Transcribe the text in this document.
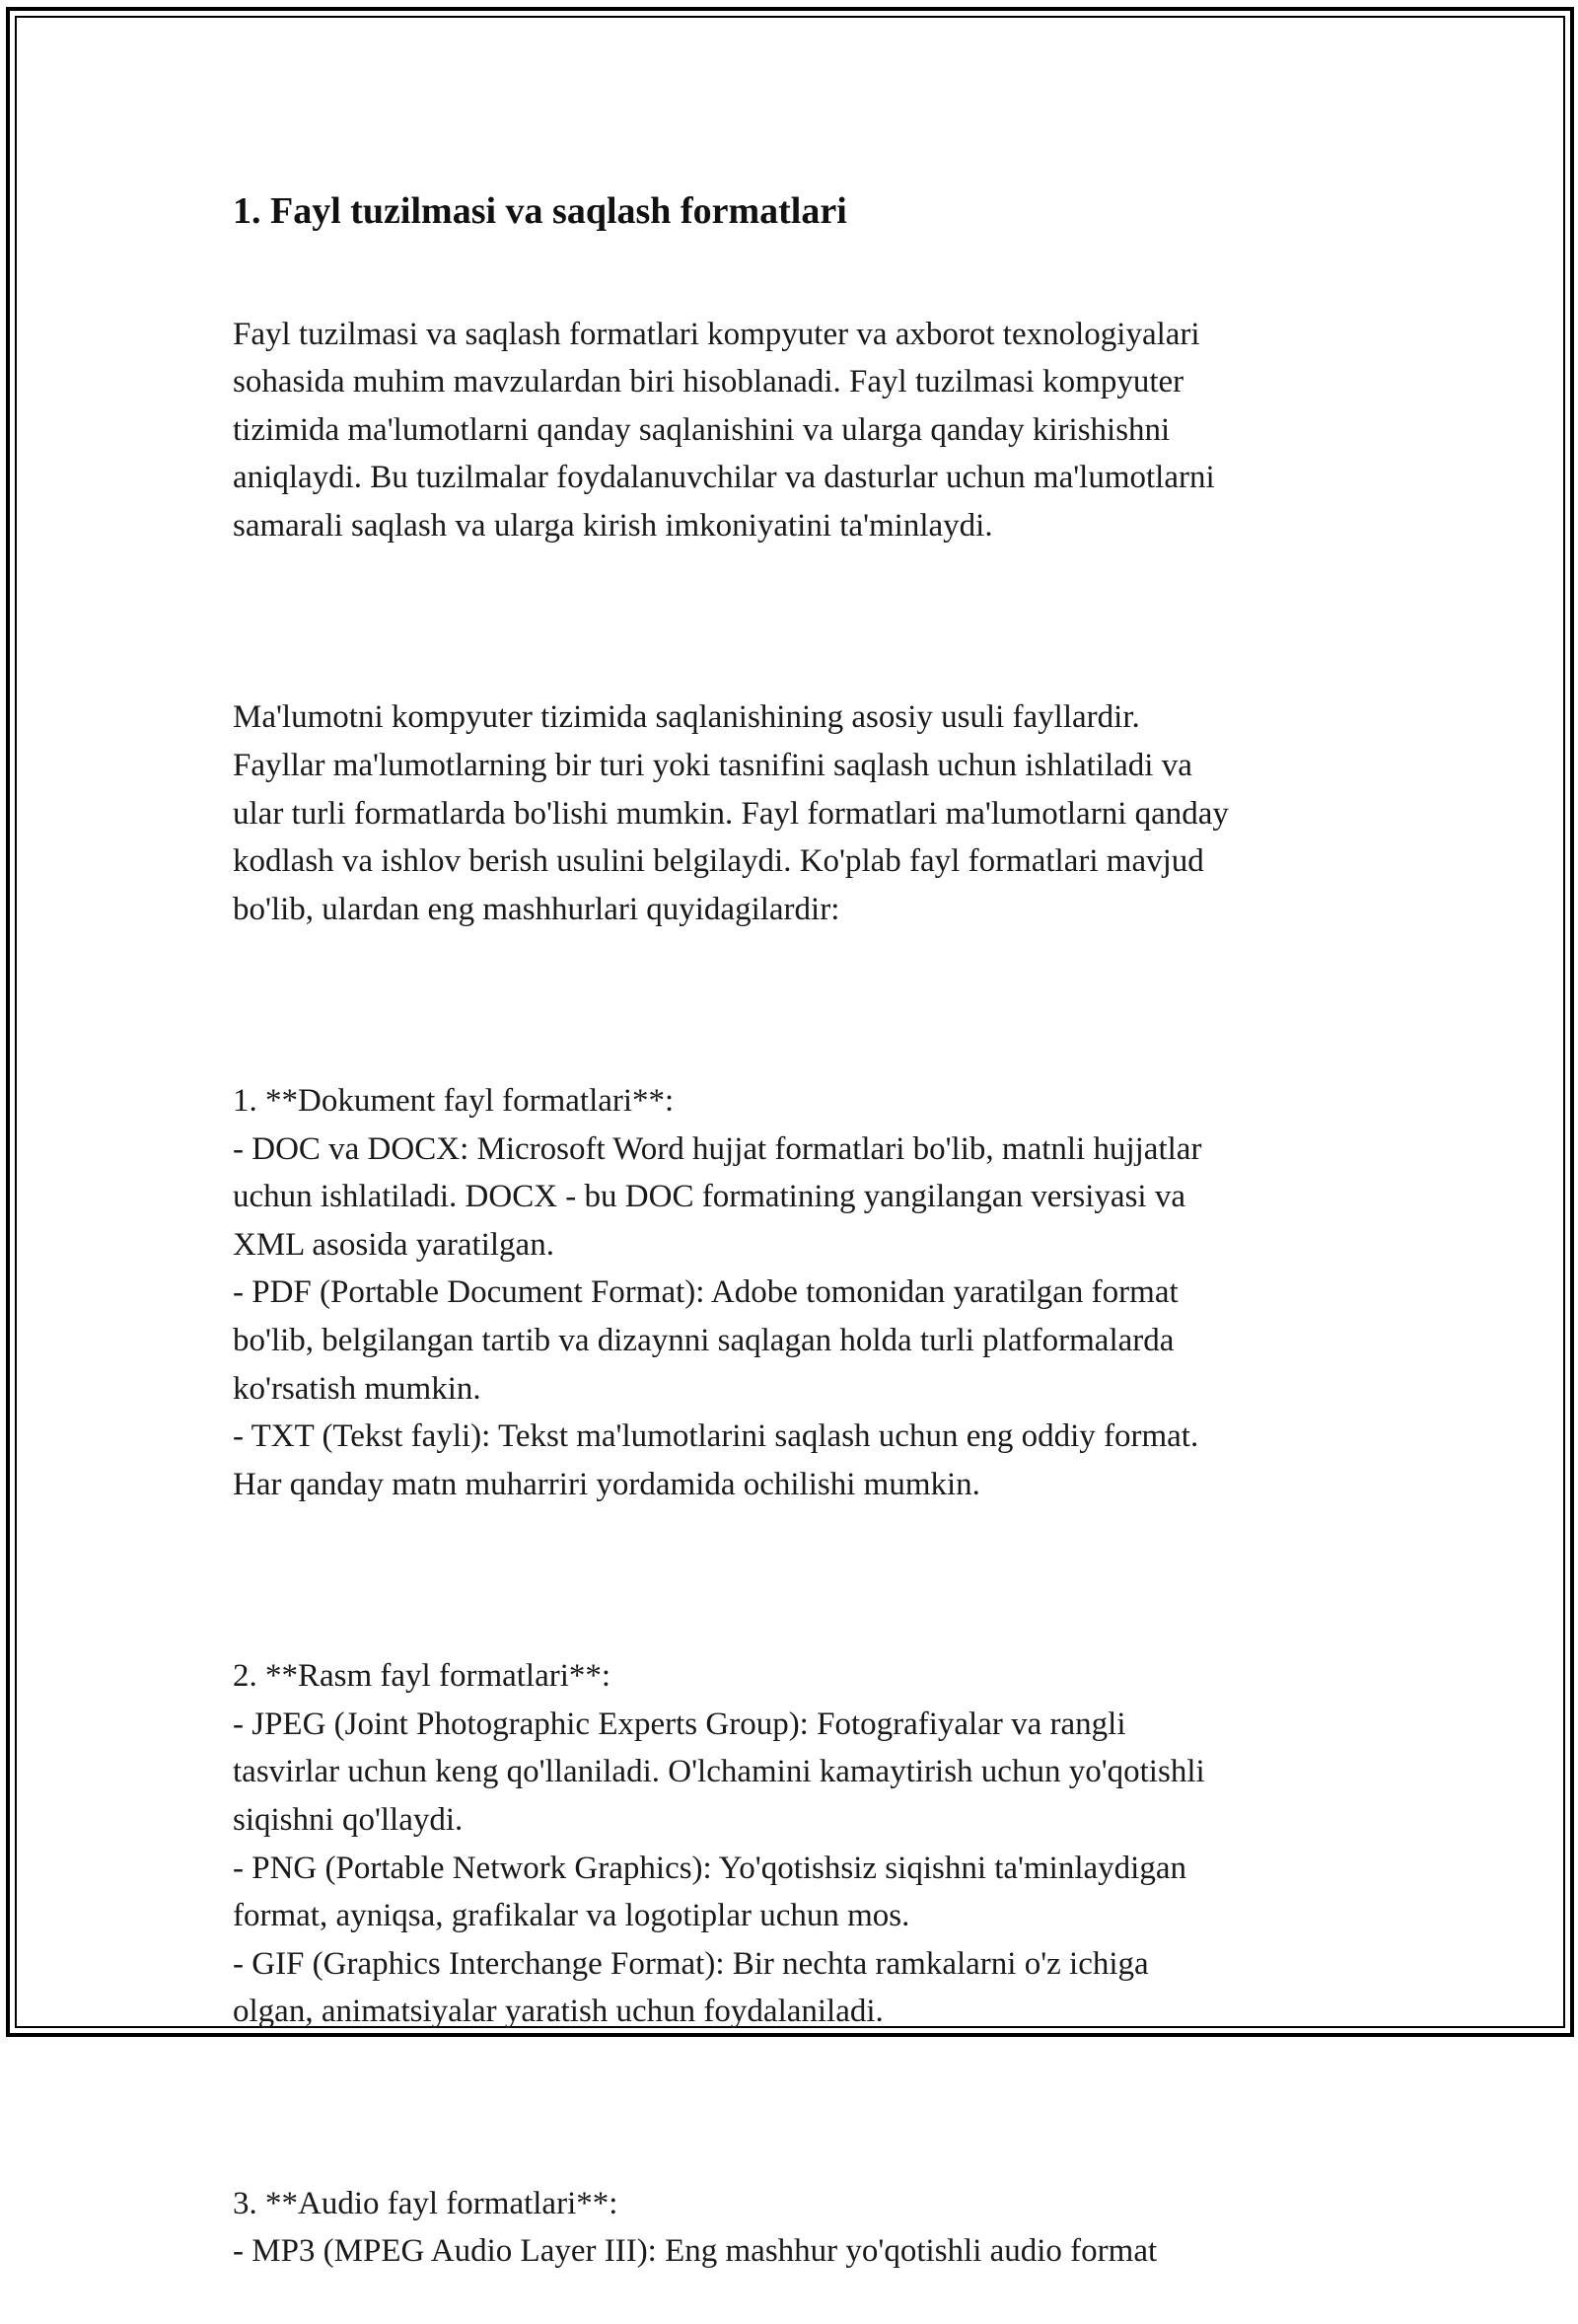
1. Fayl tuzilmasi va saqlash formatlari

Fayl tuzilmasi va saqlash formatlari kompyuter va axborot texnologiyalari
sohasida muhim mavzulardan biri hisoblanadi. Fayl tuzilmasi kompyuter
tizimida ma'lumotlarni qanday saqlanishini va ularga qanday kirishishni
aniqlaydi. Bu tuzilmalar foydalanuvchilar va dasturlar uchun ma'lumotlarni
samarali saqlash va ularga kirish imkoniyatini ta'minlaydi.

Ma'lumotni kompyuter tizimida saqlanishining asosiy usuli fayllardir.
Fayllar ma'lumotlarning bir turi yoki tasnifini saqlash uchun ishlatiladi va
ular turli formatlarda bo'lishi mumkin. Fayl formatlari ma'lumotlarni qanday
kodlash va ishlov berish usulini belgilaydi. Ko'plab fayl formatlari mavjud
bo'lib, ulardan eng mashhurlari quyidagilardir:

1. **Dokument fayl formatlari**:
- DOC va DOCX: Microsoft Word hujjat formatlari bo'lib, matnli hujjatlar
uchun ishlatiladi. DOCX - bu DOC formatining yangilangan versiyasi va
XML asosida yaratilgan.
- PDF (Portable Document Format): Adobe tomonidan yaratilgan format
bo'lib, belgilangan tartib va dizaynni saqlagan holda turli platformalarda
ko'rsatish mumkin.
- TXT (Tekst fayli): Tekst ma'lumotlarini saqlash uchun eng oddiy format.
Har qanday matn muharriri yordamida ochilishi mumkin.

2. **Rasm fayl formatlari**:
- JPEG (Joint Photographic Experts Group): Fotografiyalar va rangli
tasvirlar uchun keng qo'llaniladi. O'lchamini kamaytirish uchun yo'qotishli
siqishni qo'llaydi.
- PNG (Portable Network Graphics): Yo'qotishsiz siqishni ta'minlaydigan
format, ayniqsa, grafikalar va logotiplar uchun mos.
- GIF (Graphics Interchange Format): Bir nechta ramkalarni o'z ichiga
olgan, animatsiyalar yaratish uchun foydalaniladi.

3. **Audio fayl formatlari**:
- MP3 (MPEG Audio Layer III): Eng mashhur yo'qotishli audio format
